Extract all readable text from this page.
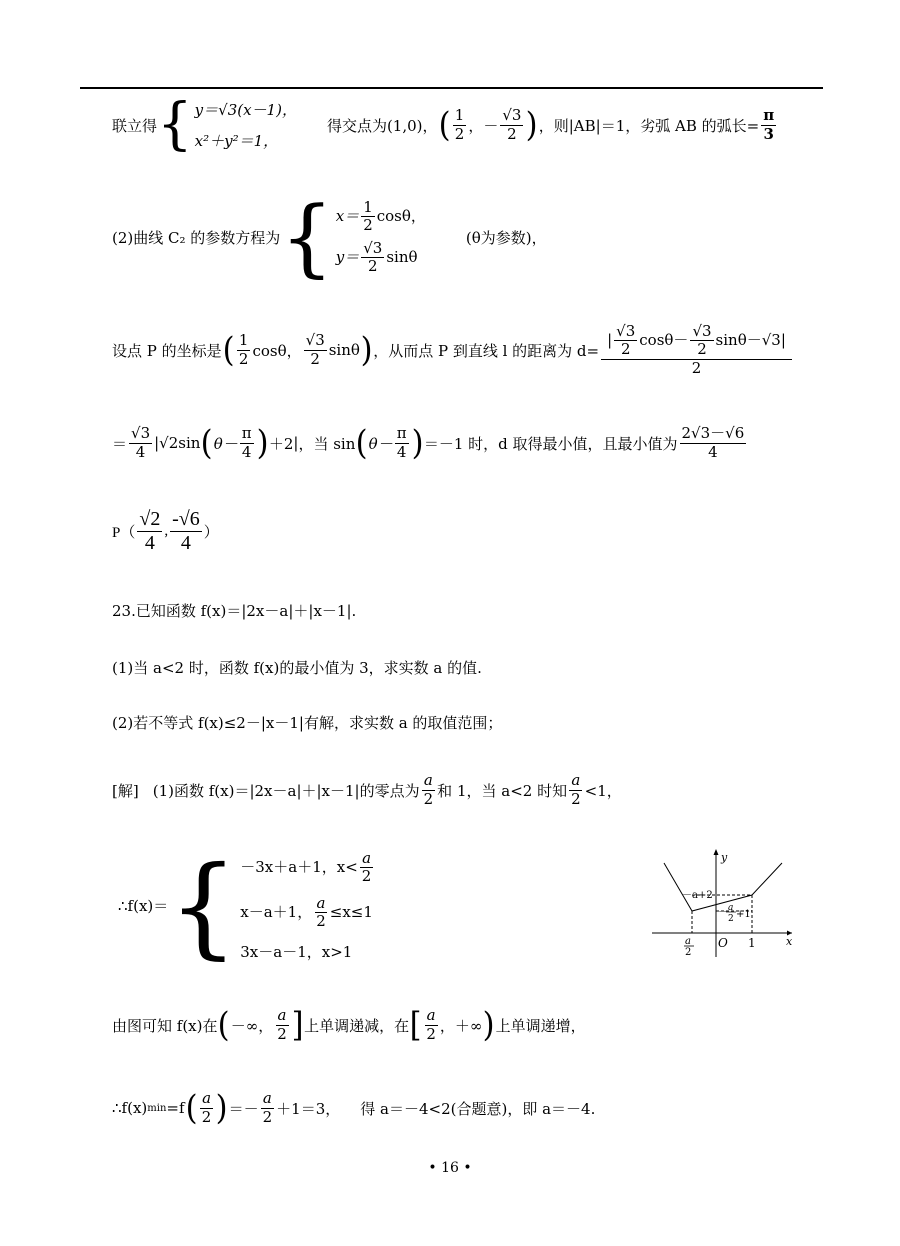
联立得 { y＝√3(x－1)，
x²＋y²＝1，
得交点为(1,0)， ( $\frac{1}{2}$ ， － $\frac{√3}{2}$ ) ，则|AB|＝1，劣弧 AB 的弧长= $\frac{\pi}{3}$
(2)曲线 C₂ 的参数方程为 { $x= \frac{1}{2}$ cosθ，
$y= \frac{√3}{2}$ sinθ
(θ为参数)，
设点 P 的坐标是 ( $\frac{1}{2}$ cosθ， $\frac{√3}{2}$ sinθ ) ，从而点 P 到直线 l 的距离为 $d= \frac{| \frac{√3}{2} \cos\theta- \frac{√3}{2} \sin\theta-√3|}{2}$
＝ $\frac{√3}{4} |√2$ sin ( $\theta- \frac{\pi}{4}$ ) ＋2 | ，当 sin ( $\theta- \frac{\pi}{4}$ ) ＝－1 时，d 取得最小值，且最小值为 $\frac{2√3-√6}{4}$
$P( \frac{√2}{4}$ , $\frac{-√6}{4}$ ）
23.已知函数 f(x)＝|2x－a|＋|x－1|.
(1)当 a<2 时，函数 f(x)的最小值为 3，求实数 a 的值.
(2)若不等式 f(x)≤2－|x－1|有解，求实数 a 的取值范围；
[解] (1)函数 f(x)＝|2x－a|＋|x－1|的零点为 $\frac{a}{2}$ 和 1，当 a<2 时知 $\frac{a}{2} <1$，
∴f(x)＝ { －3x＋a＋1，$x< \frac{a}{2}$
x－a＋1， $\frac{a}{2} \le x\le 1$
3x－a－1，x>1
y
x
O 1
a
2
－a+2
－ a
2 +1
由图可知 f(x)在 ( －∞， $\frac{a}{2}$ ] 上单调递减，在 [ $\frac{a}{2}$ ，＋∞ ) 上单调递增，
∴f(x) min =f ( $\frac{a}{2}$ ) ＝－ $\frac{a}{2} +1=3$， 得 a＝－4<2(合题意)，即 a＝－4.
• 16 •
